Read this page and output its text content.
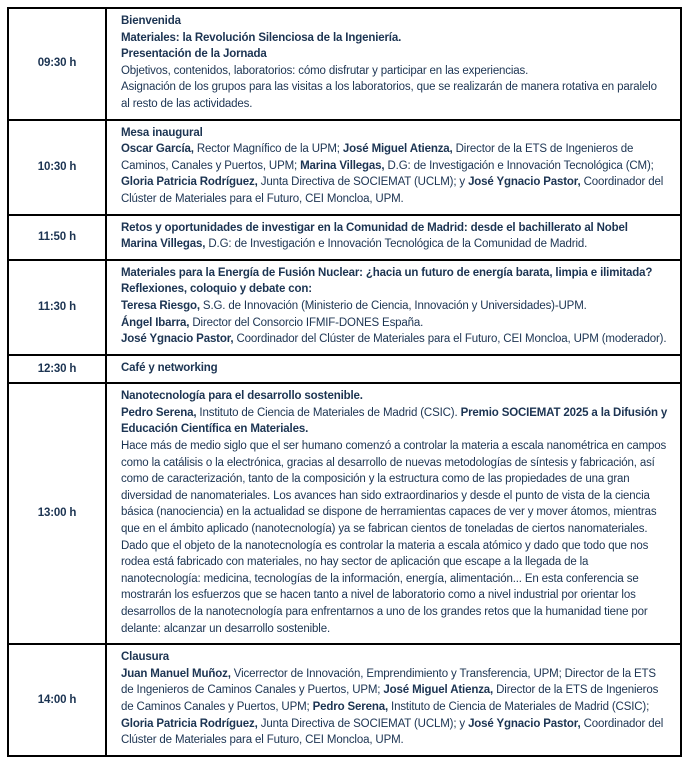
09:30 h	Bienvenida
Materiales: la Revolución Silenciosa de la Ingeniería.
Presentación de la Jornada
Objetivos, contenidos, laboratorios: cómo disfrutar y participar en las experiencias.
Asignación de los grupos para las visitas a los laboratorios, que se realizarán de manera rotativa en paralelo al resto de las actividades.

10:30 h	Mesa inaugural
Oscar García, Rector Magnífico de la UPM; José Miguel Atienza, Director de la ETS de Ingenieros de Caminos, Canales y Puertos, UPM; Marina Villegas, D.G: de Investigación e Innovación Tecnológica (CM); Gloria Patricia Rodríguez, Junta Directiva de SOCIEMAT (UCLM); y José Ygnacio Pastor, Coordinador del Clúster de Materiales para el Futuro, CEI Moncloa, UPM.

11:50 h	Retos y oportunidades de investigar en la Comunidad de Madrid: desde el bachillerato al Nobel
Marina Villegas, D.G: de Investigación e Innovación Tecnológica de la Comunidad de Madrid.

11:30 h	Materiales para la Energía de Fusión Nuclear: ¿hacia un futuro de energía barata, limpia e ilimitada?
Reflexiones, coloquio y debate con:
Teresa Riesgo, S.G. de Innovación (Ministerio de Ciencia, Innovación y Universidades)-UPM.
Ángel Ibarra, Director del Consorcio IFMIF-DONES España.
José Ygnacio Pastor, Coordinador del Clúster de Materiales para el Futuro, CEI Moncloa, UPM (moderador).

12:30 h	Café y networking

13:00 h	Nanotecnología para el desarrollo sostenible.
Pedro Serena, Instituto de Ciencia de Materiales de Madrid (CSIC). Premio SOCIEMAT 2025 a la Difusión y Educación Científica en Materiales.
Hace más de medio siglo que el ser humano comenzó a controlar la materia a escala nanométrica en campos como la catálisis o la electrónica, gracias al desarrollo de nuevas metodologías de síntesis y fabricación, así como de caracterización, tanto de la composición y la estructura como de las propiedades de una gran diversidad de nanomateriales. Los avances han sido extraordinarios y desde el punto de vista de la ciencia básica (nanociencia) en la actualidad se dispone de herramientas capaces de ver y mover átomos, mientras que en el ámbito aplicado (nanotecnología) ya se fabrican cientos de toneladas de ciertos nanomateriales. Dado que el objeto de la nanotecnología es controlar la materia a escala atómico y dado que todo que nos rodea está fabricado con materiales, no hay sector de aplicación que escape a la llegada de la nanotecnología: medicina, tecnologías de la información, energía, alimentación... En esta conferencia se mostrarán los esfuerzos que se hacen tanto a nivel de laboratorio como a nivel industrial por orientar los desarrollos de la nanotecnología para enfrentarnos a uno de los grandes retos que la humanidad tiene por delante: alcanzar un desarrollo sostenible.

14:00 h	Clausura
Juan Manuel Muñoz, Vicerrector de Innovación, Emprendimiento y Transferencia, UPM; Director de la ETS de Ingenieros de Caminos Canales y Puertos, UPM; José Miguel Atienza, Director de la ETS de Ingenieros de Caminos Canales y Puertos, UPM; Pedro Serena, Instituto de Ciencia de Materiales de Madrid (CSIC); Gloria Patricia Rodríguez, Junta Directiva de SOCIEMAT (UCLM); y José Ygnacio Pastor, Coordinador del Clúster de Materiales para el Futuro, CEI Moncloa, UPM.
